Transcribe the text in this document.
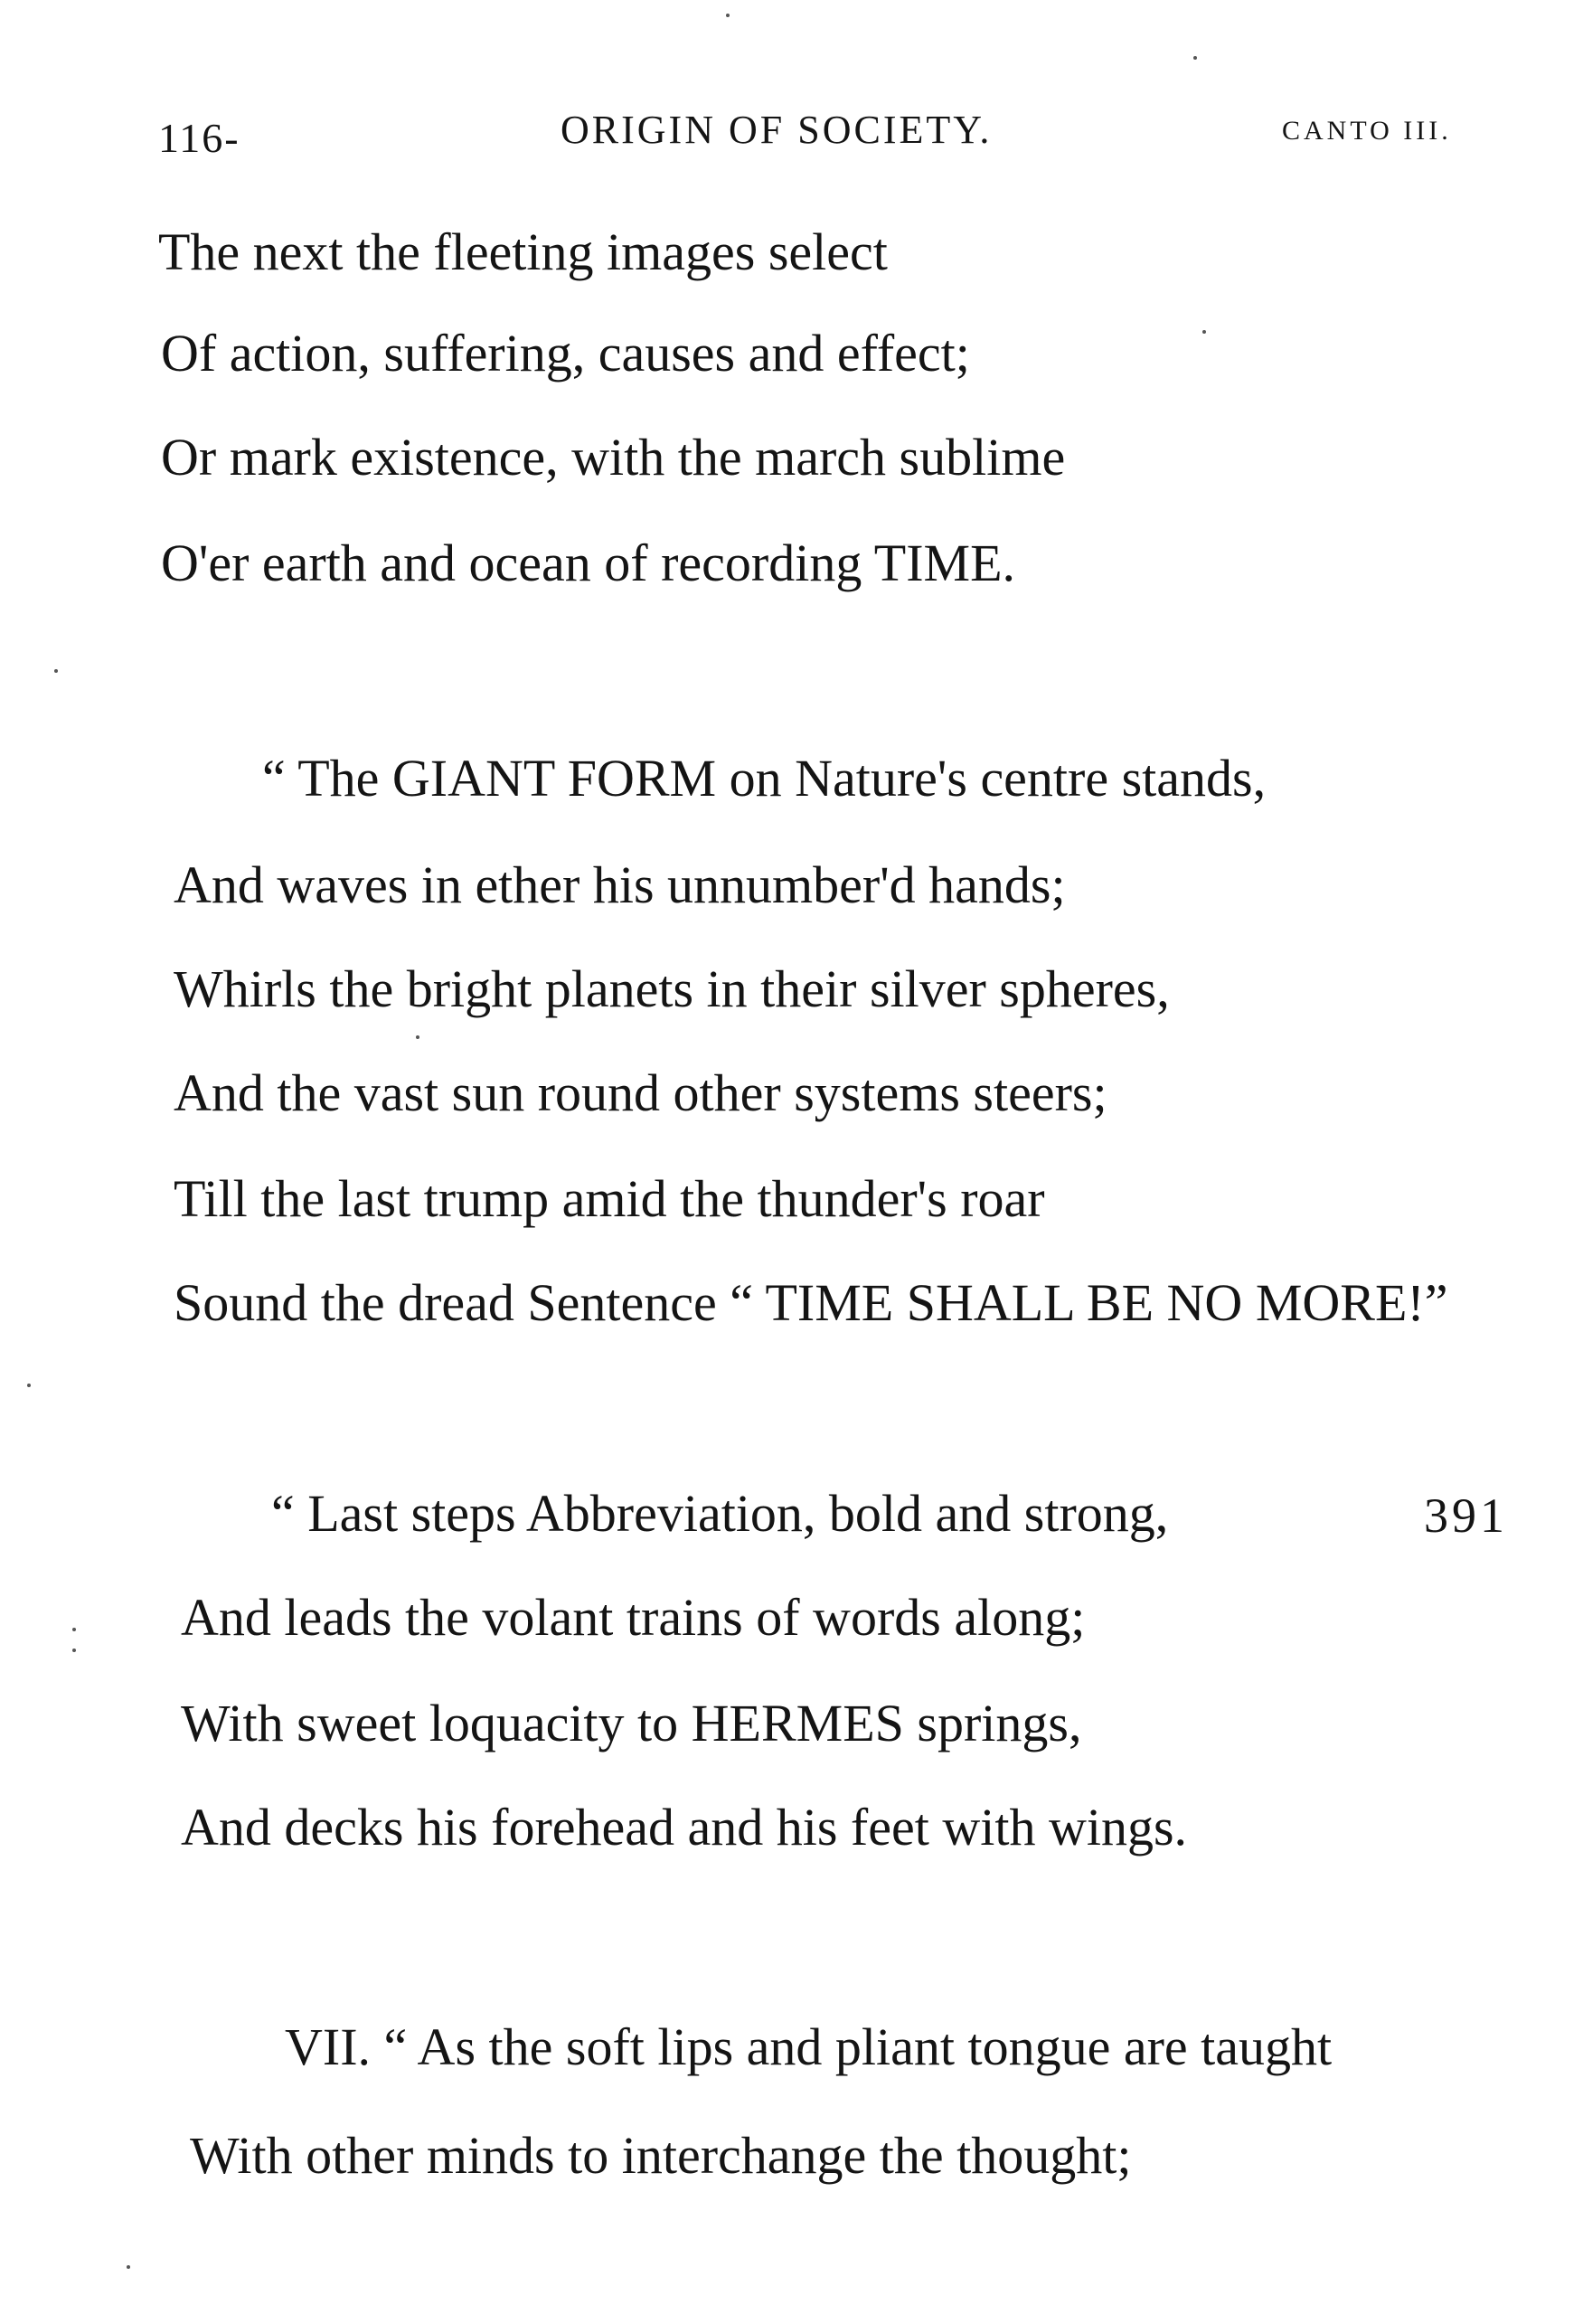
116-	ORIGIN OF SOCIETY.	CANTO III.
The next the fleeting images select
Of action, suffering, causes and effect;
Or mark existence, with the march sublime
O'er earth and ocean of recording TIME.
“ The GIANT FORM on Nature's centre stands,
And waves in ether his unnumber'd hands;
Whirls the bright planets in their silver spheres,
And the vast sun round other systems steers;
Till the last trump amid the thunder's roar
Sound the dread Sentence “ TIME SHALL BE NO MORE!”
“ Last steps Abbreviation, bold and strong,	391
And leads the volant trains of words along;
With sweet loquacity to HERMES springs,
And decks his forehead and his feet with wings.
VII. “ As the soft lips and pliant tongue are taught
With other minds to interchange the thought;
